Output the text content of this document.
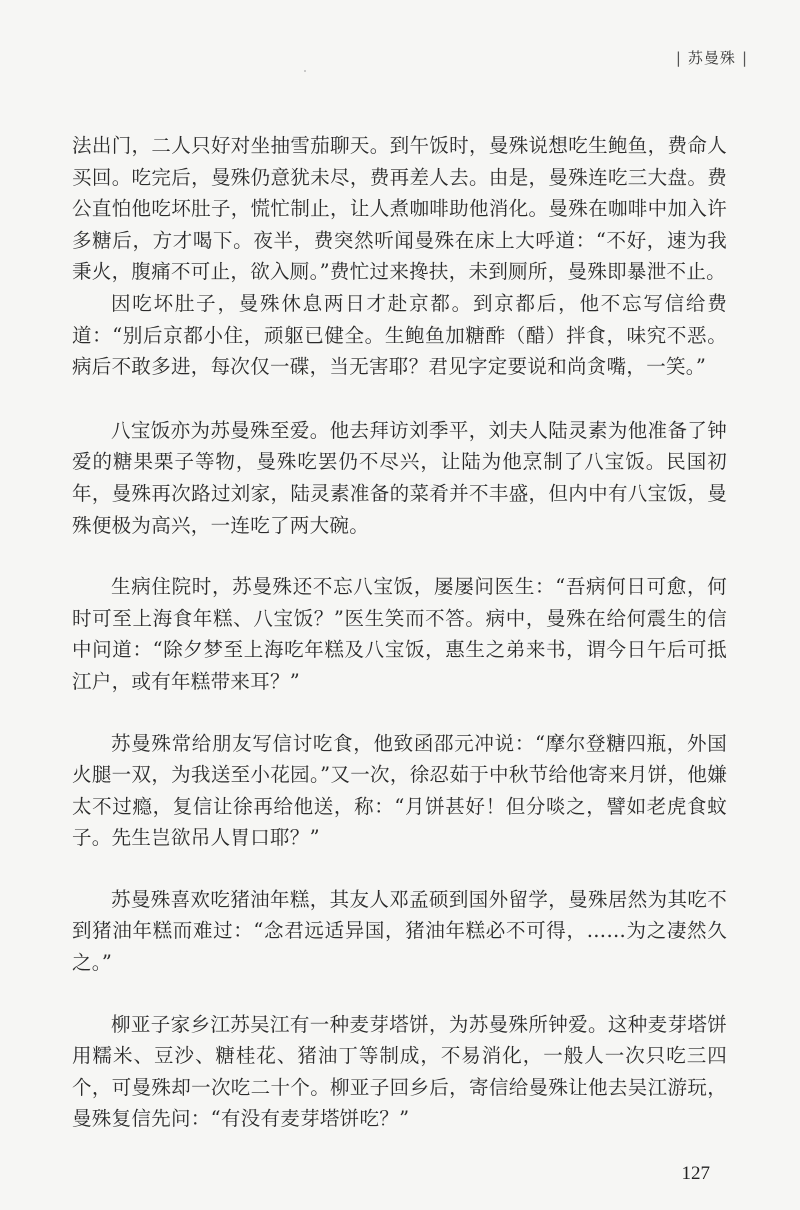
| 苏曼殊 |

法出门，二人只好对坐抽雪茄聊天。到午饭时，曼殊说想吃生鲍鱼，费命人买回。吃完后，曼殊仍意犹未尽，费再差人去。由是，曼殊连吃三大盘。费公直怕他吃坏肚子，慌忙制止，让人煮咖啡助他消化。曼殊在咖啡中加入许多糖后，方才喝下。夜半，费突然听闻曼殊在床上大呼道：“不好，速为我秉火，腹痛不可止，欲入厕。”费忙过来搀扶，未到厕所，曼殊即暴泄不止。

因吃坏肚子，曼殊休息两日才赴京都。到京都后，他不忘写信给费道：“别后京都小住，顽躯已健全。生鲍鱼加糖酢（醋）拌食，味究不恶。病后不敢多进，每次仅一碟，当无害耶？君见字定要说和尚贪嘴，一笑。”

八宝饭亦为苏曼殊至爱。他去拜访刘季平，刘夫人陆灵素为他准备了钟爱的糖果栗子等物，曼殊吃罢仍不尽兴，让陆为他烹制了八宝饭。民国初年，曼殊再次路过刘家，陆灵素准备的菜肴并不丰盛，但内中有八宝饭，曼殊便极为高兴，一连吃了两大碗。

生病住院时，苏曼殊还不忘八宝饭，屡屡问医生：“吾病何日可愈，何时可至上海食年糕、八宝饭？”医生笑而不答。病中，曼殊在给何震生的信中问道：“除夕梦至上海吃年糕及八宝饭，惠生之弟来书，谓今日午后可抵江户，或有年糕带来耳？”

苏曼殊常给朋友写信讨吃食，他致函邵元冲说：“摩尔登糖四瓶，外国火腿一双，为我送至小花园。”又一次，徐忍茹于中秋节给他寄来月饼，他嫌太不过瘾，复信让徐再给他送，称：“月饼甚好！但分啖之，譬如老虎食蚊子。先生岂欲吊人胃口耶？”

苏曼殊喜欢吃猪油年糕，其友人邓孟硕到国外留学，曼殊居然为其吃不到猪油年糕而难过：“念君远适异国，猪油年糕必不可得，……为之凄然久之。”

柳亚子家乡江苏吴江有一种麦芽塔饼，为苏曼殊所钟爱。这种麦芽塔饼用糯米、豆沙、糖桂花、猪油丁等制成，不易消化，一般人一次只吃三四个，可曼殊却一次吃二十个。柳亚子回乡后，寄信给曼殊让他去吴江游玩，曼殊复信先问：“有没有麦芽塔饼吃？”

127
